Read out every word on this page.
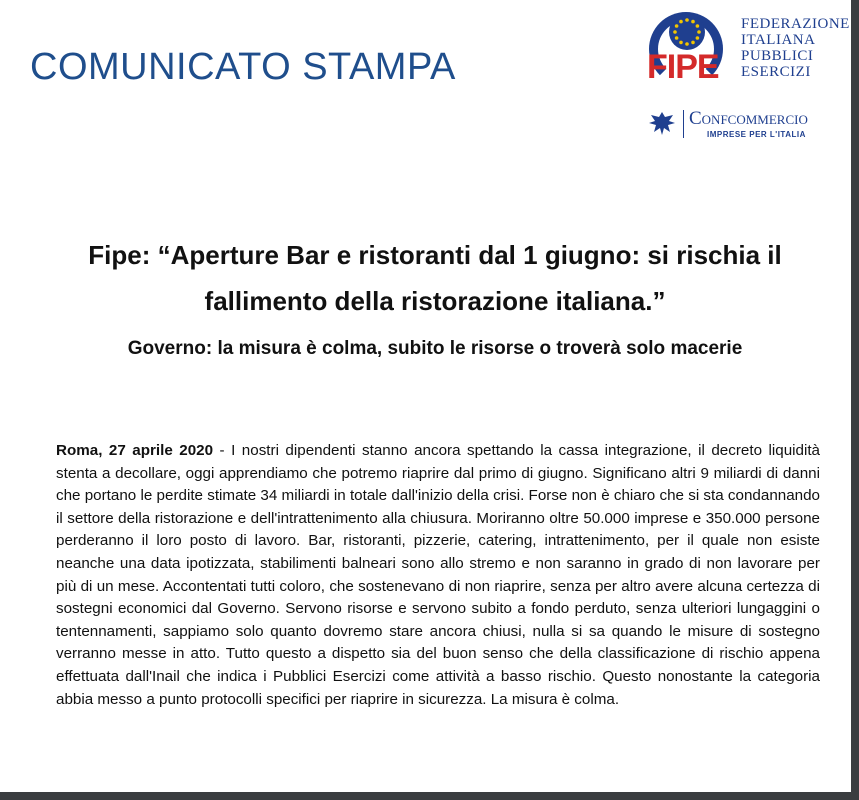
COMUNICATO STAMPA	FIPE
FEDERAZIONE
ITALIANA
PUBBLICI
ESERCIZI
Confcommercio
IMPRESE PER L'ITALIA
Fipe: “Aperture Bar e ristoranti dal 1 giugno: si rischia il
fallimento della ristorazione italiana.”
Governo: la misura è colma, subito le risorse o troverà solo macerie
Roma, 27 aprile 2020 - I nostri dipendenti stanno ancora spettando la cassa integrazione, il decreto liquidità stenta a decollare, oggi apprendiamo che potremo riaprire dal primo di giugno. Significano altri 9 miliardi di danni che portano le perdite stimate 34 miliardi in totale dall'inizio della crisi. Forse non è chiaro che si sta condannando il settore della ristorazione e dell'intrattenimento alla chiusura. Moriranno oltre 50.000 imprese e 350.000 persone perderanno il loro posto di lavoro. Bar, ristoranti, pizzerie, catering, intrattenimento, per il quale non esiste neanche una data ipotizzata, stabilimenti balneari sono allo stremo e non saranno in grado di non lavorare per più di un mese. Accontentati tutti coloro, che sostenevano di non riaprire, senza per altro avere alcuna certezza di sostegni economici dal Governo. Servono risorse e servono subito a fondo perduto, senza ulteriori lungaggini o tentennamenti, sappiamo solo quanto dovremo stare ancora chiusi, nulla si sa quando le misure di sostegno verranno messe in atto. Tutto questo a dispetto sia del buon senso che della classificazione di rischio appena effettuata dall'Inail che indica i Pubblici Esercizi come attività a basso rischio. Questo nonostante la categoria abbia messo a punto protocolli specifici per riaprire in sicurezza. La misura è colma.
